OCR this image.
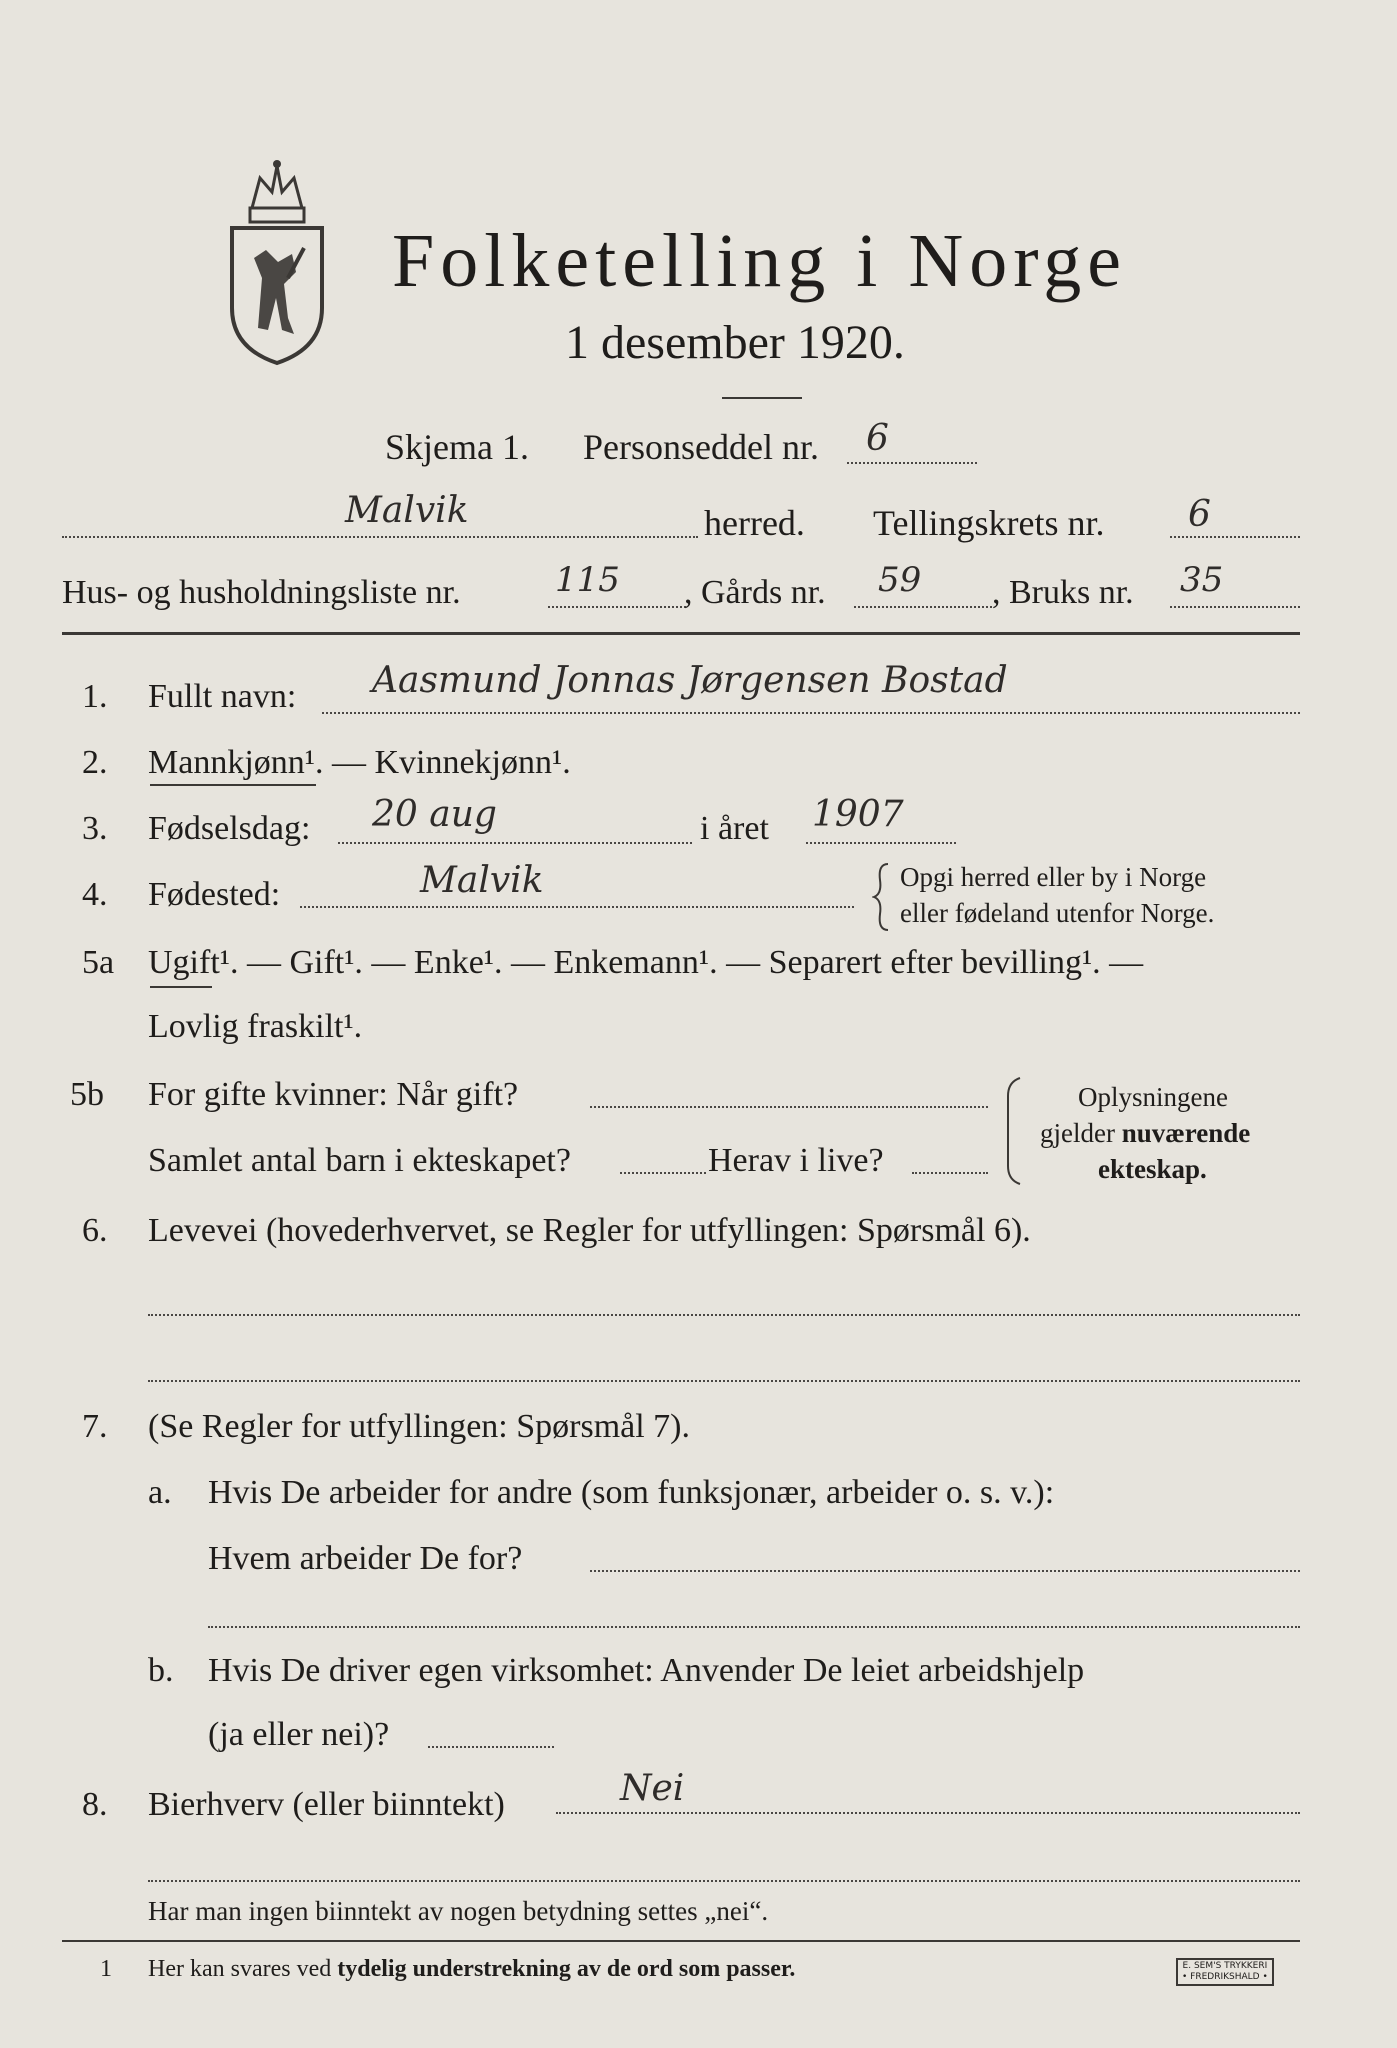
Folketelling i Norge
1 desember 1920.
Skjema 1. Personseddel nr. 6
Malvik	herred. Tellingskrets nr. 6
Hus- og husholdningsliste nr.	115 , Gårds nr. 59 , Bruks nr. 35
1. Fullt navn: Aasmund Jonnas Jørgensen Bostad
2. Mannkjønn¹. — Kvinnekjønn¹.
3. Fødselsdag: 20 aug	i året 1907
4. Fødested:	Malvik	Opgi herred eller by i Norge
eller fødeland utenfor Norge.
5a Ugift¹. — Gift¹. — Enke¹. — Enkemann¹. — Separert efter bevilling¹. —
Lovlig fraskilt¹.
5b For gifte kvinner: Når gift?
Samlet antal barn i ekteskapet?	Herav i live?
Oplysningene
gjelder nuværende
ekteskap.
6. Levevei (hovederhvervet, se Regler for utfyllingen: Spørsmål 6).
7. (Se Regler for utfyllingen: Spørsmål 7).
a. Hvis De arbeider for andre (som funksjonær, arbeider o. s. v.):
Hvem arbeider De for?
b. Hvis De driver egen virksomhet: Anvender De leiet arbeidshjelp
(ja eller nei)?
8. Bierhverv (eller biinntekt)	Nei
Har man ingen biinntekt av nogen betydning settes „nei“.
1 Her kan svares ved tydelig understrekning av de ord som passer.	E. SEM'S TRYKKERI
• FREDRIKSHALD •
